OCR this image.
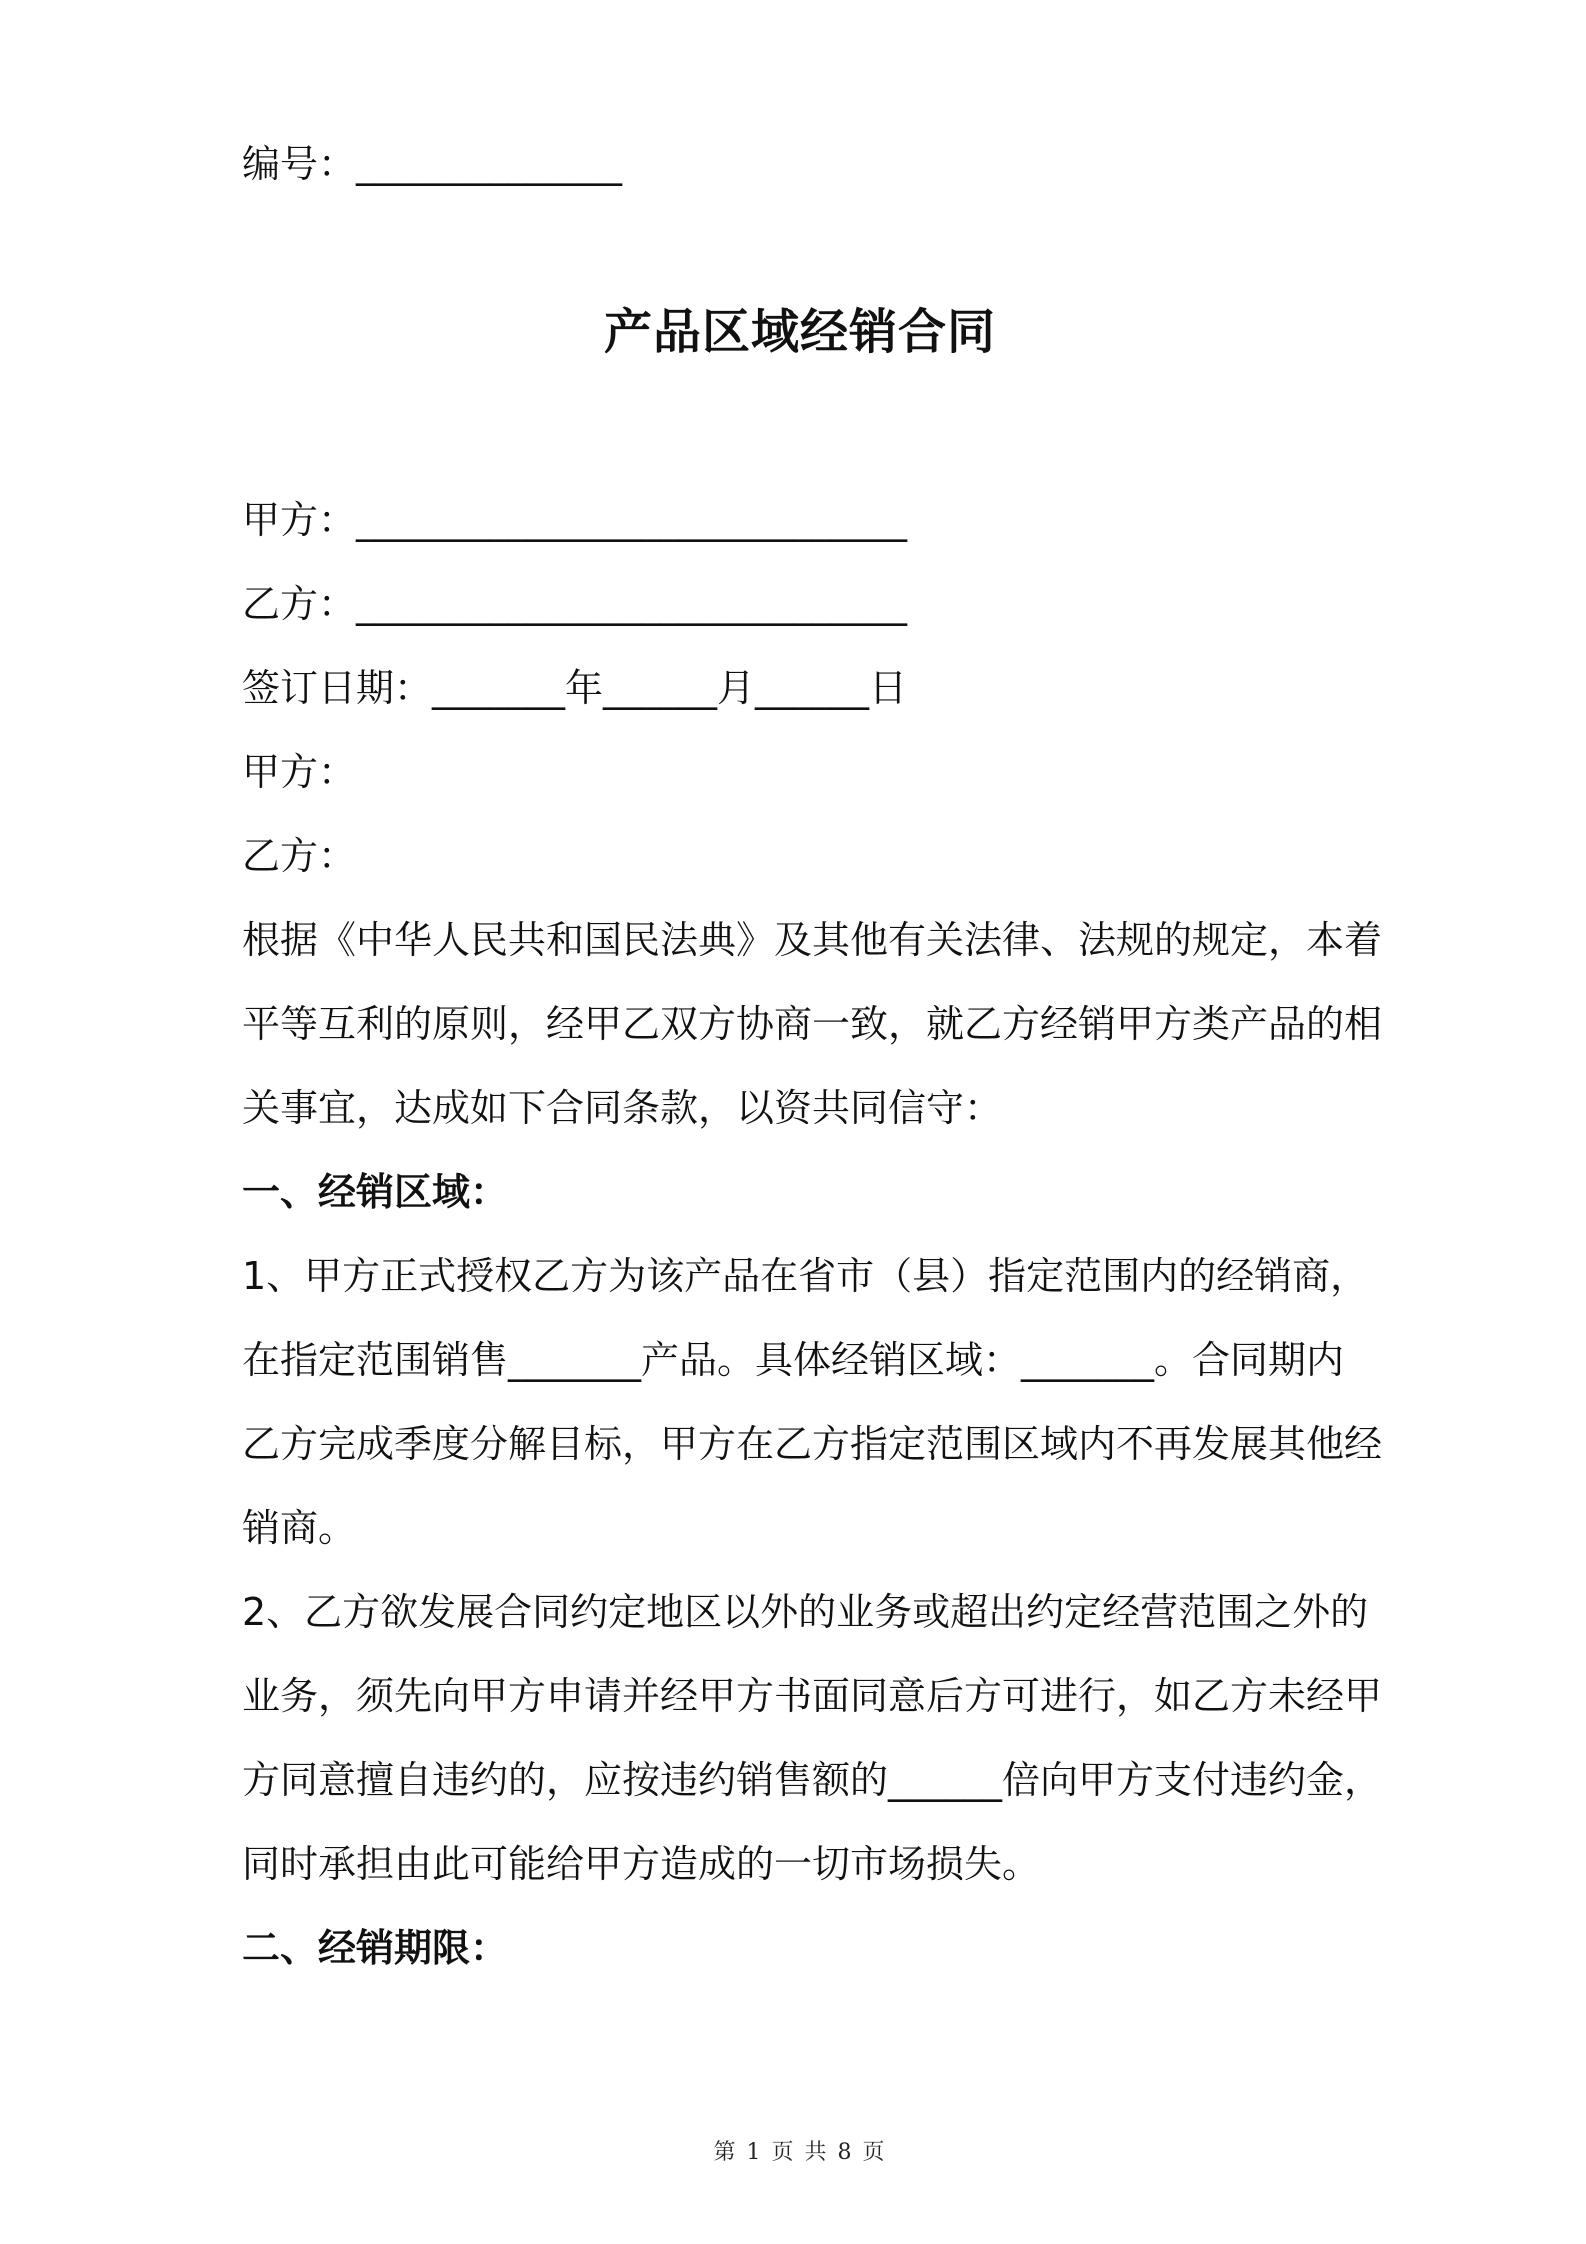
编号：______________
产品区域经销合同
甲方：_____________________________
乙方：_____________________________
签订日期：_______年______月______日
甲方：
乙方：
根据《中华人民共和国民法典》及其他有关法律、法规的规定，本着
平等互利的原则，经甲乙双方协商一致，就乙方经销甲方类产品的相
关事宜，达成如下合同条款，以资共同信守：
一、经销区域：
1、甲方正式授权乙方为该产品在省市（县）指定范围内的经销商，
在指定范围销售_______产品。具体经销区域：_______。合同期内
乙方完成季度分解目标，甲方在乙方指定范围区域内不再发展其他经
销商。
2、乙方欲发展合同约定地区以外的业务或超出约定经营范围之外的
业务，须先向甲方申请并经甲方书面同意后方可进行，如乙方未经甲
方同意擅自违约的，应按违约销售额的______倍向甲方支付违约金，
同时承担由此可能给甲方造成的一切市场损失。
二、经销期限：
第 1 页 共 8 页
